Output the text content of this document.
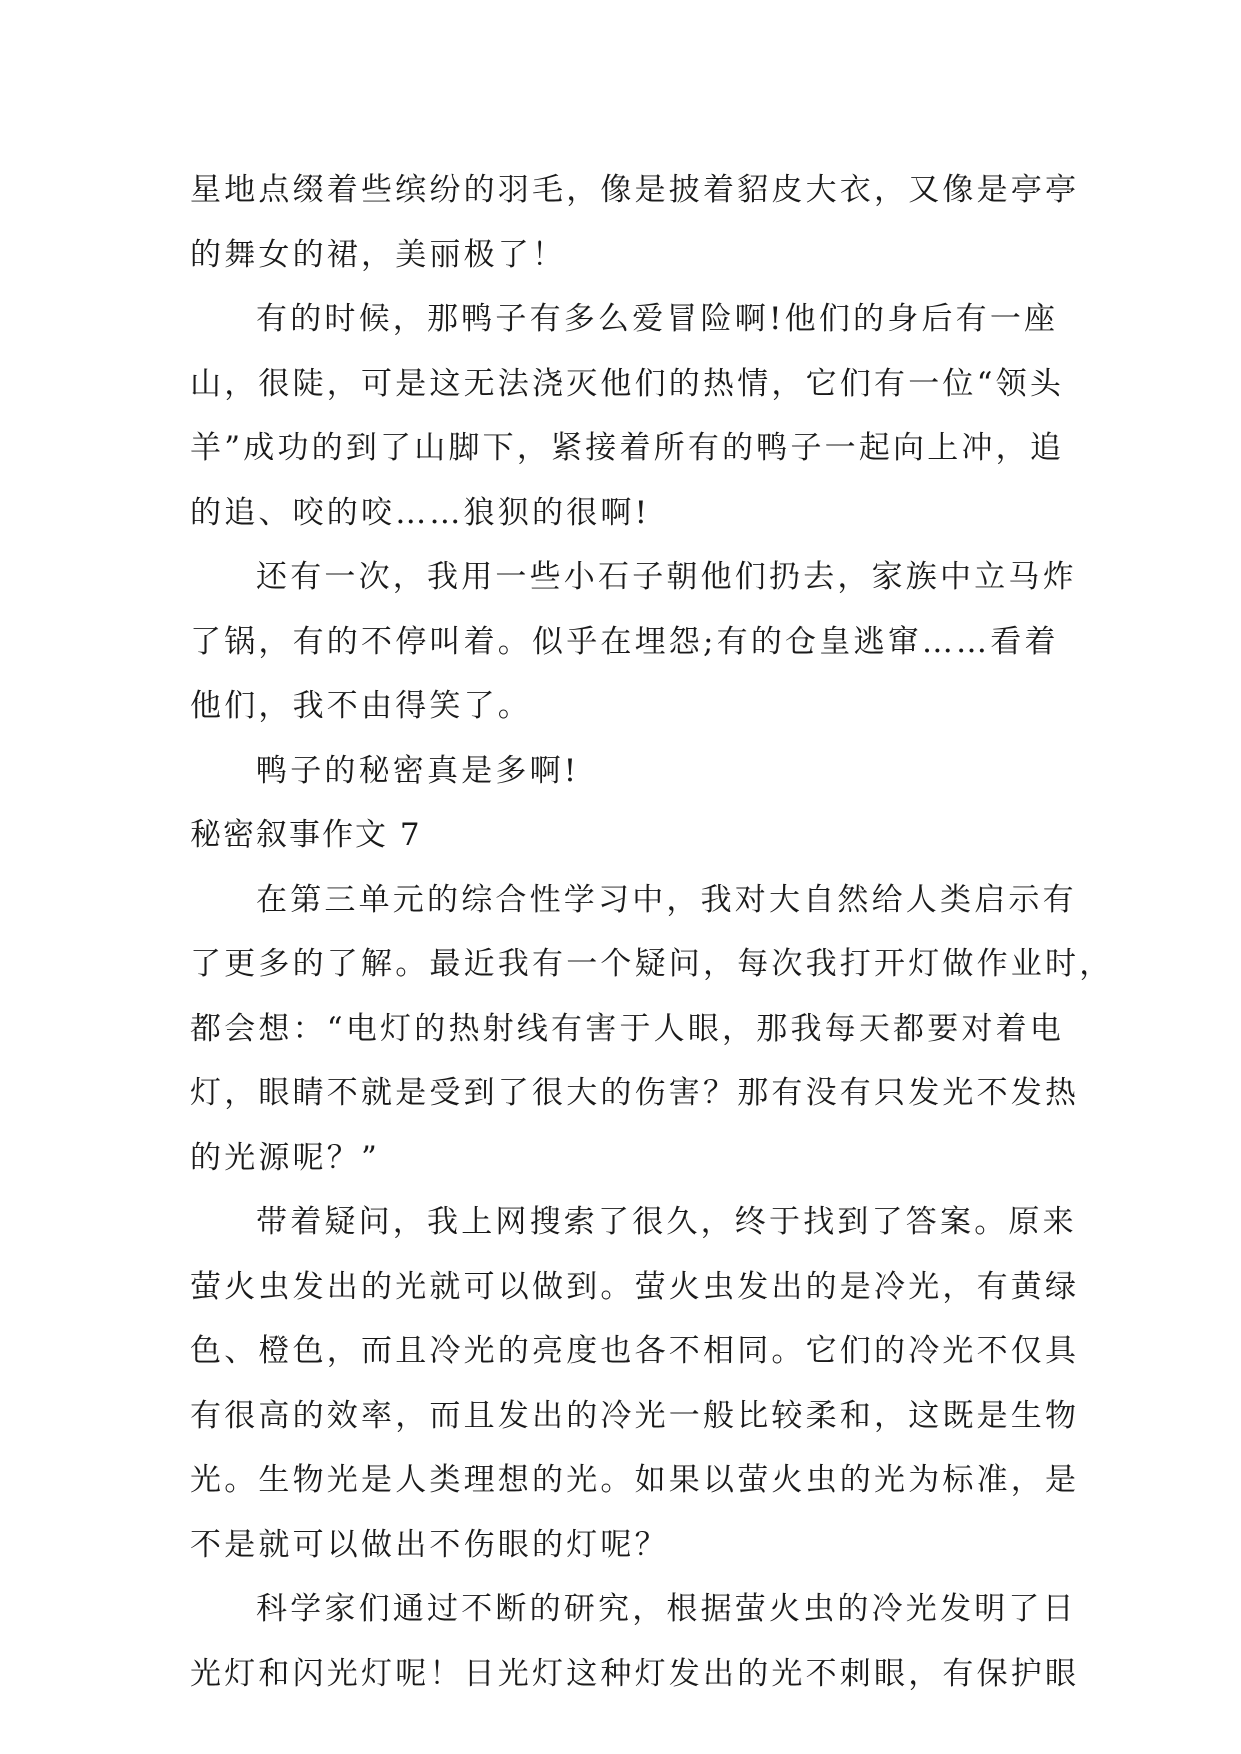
星地点缀着些缤纷的羽毛，像是披着貂皮大衣，又像是亭亭
的舞女的裙，美丽极了！
有的时候，那鸭子有多么爱冒险啊!他们的身后有一座
山，很陡，可是这无法浇灭他们的热情，它们有一位“领头
羊”成功的到了山脚下，紧接着所有的鸭子一起向上冲，追
的追、咬的咬……狼狈的很啊!
还有一次，我用一些小石子朝他们扔去，家族中立马炸
了锅，有的不停叫着。似乎在埋怨;有的仓皇逃窜……看着
他们，我不由得笑了。
鸭子的秘密真是多啊!
秘密叙事作文 7
在第三单元的综合性学习中，我对大自然给人类启示有
了更多的了解。最近我有一个疑问，每次我打开灯做作业时，
都会想：“电灯的热射线有害于人眼，那我每天都要对着电
灯，眼睛不就是受到了很大的伤害？那有没有只发光不发热
的光源呢？”
带着疑问，我上网搜索了很久，终于找到了答案。原来
萤火虫发出的光就可以做到。萤火虫发出的是冷光，有黄绿
色、橙色，而且冷光的亮度也各不相同。它们的冷光不仅具
有很高的效率，而且发出的冷光一般比较柔和，这既是生物
光。生物光是人类理想的光。如果以萤火虫的光为标准，是
不是就可以做出不伤眼的灯呢？
科学家们通过不断的研究，根据萤火虫的冷光发明了日
光灯和闪光灯呢！日光灯这种灯发出的光不刺眼，有保护眼
